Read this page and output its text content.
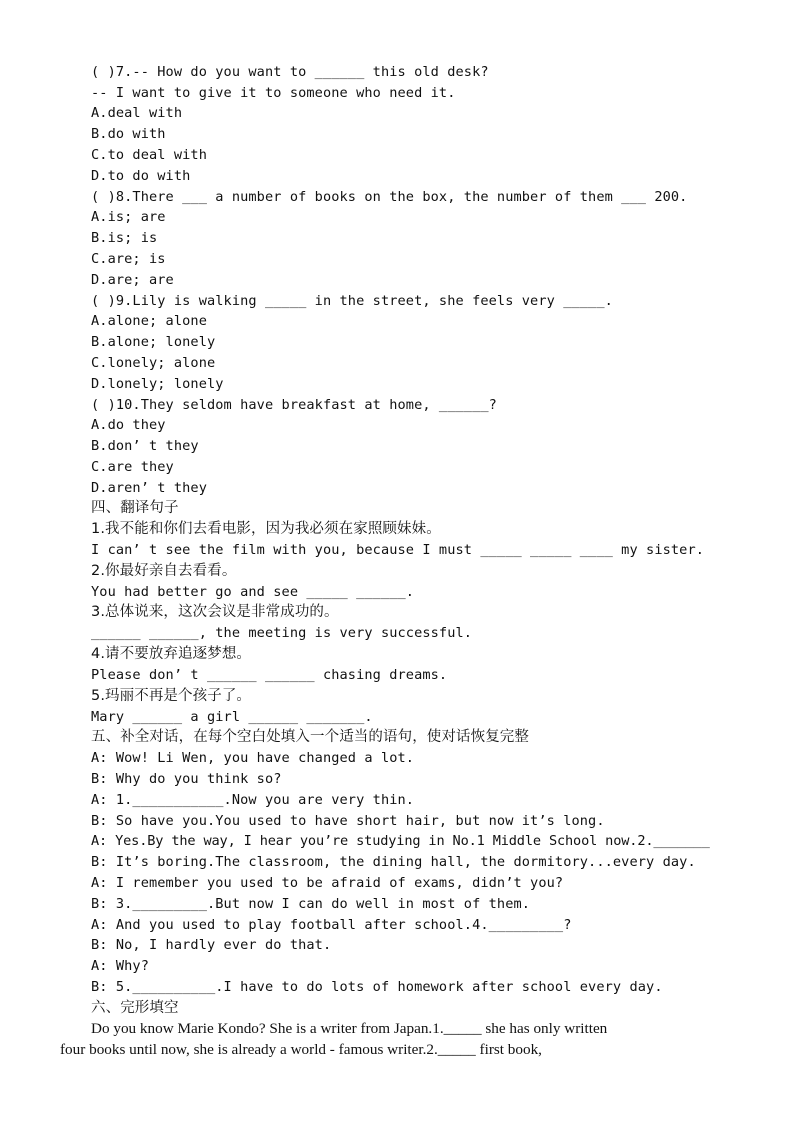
( )7.-- How do you want to ______ this old desk?
-- I want to give it to someone who need it.
A.deal with
B.do with
C.to deal with
D.to do with
( )8.There ___ a number of books on the box, the number of them ___ 200.
A.is; are
B.is; is
C.are; is
D.are; are
( )9.Lily is walking _____ in the street, she feels very _____.
A.alone; alone
B.alone; lonely
C.lonely; alone
D.lonely; lonely
( )10.They seldom have breakfast at home, ______?
A.do they
B.don’ t they
C.are they
D.aren’ t they
四、翻译句子
1.我不能和你们去看电影，因为我必须在家照顾妹妹。
I can’ t see the film with you, because I must _____ _____ ____ my sister.
2.你最好亲自去看看。
You had better go and see _____ ______.
3.总体说来，这次会议是非常成功的。
______ ______, the meeting is very successful.
4.请不要放弃追逐梦想。
Please don’ t ______ ______ chasing dreams.
5.玛丽不再是个孩子了。
Mary ______ a girl ______ _______.
五、补全对话，在每个空白处填入一个适当的语句，使对话恢复完整
A: Wow! Li Wen, you have changed a lot.
B: Why do you think so?
A: 1.___________.Now you are very thin.
B: So have you.You used to have short hair, but now it’s long.
A: Yes.By the way, I hear you’re studying in No.1 Middle School now.2._______
B: It’s boring.The classroom, the dining hall, the dormitory...every day.
A: I remember you used to be afraid of exams, didn’t you?
B: 3._________.But now I can do well in most of them.
A: And you used to play football after school.4._________?
B: No, I hardly ever do that.
A: Why?
B: 5.__________.I have to do lots of homework after school every day.
六、完形填空
Do you know Marie Kondo? She is a writer from Japan.1._____ she has only written
four books until now, she is already a world - famous writer.2._____ first book,
